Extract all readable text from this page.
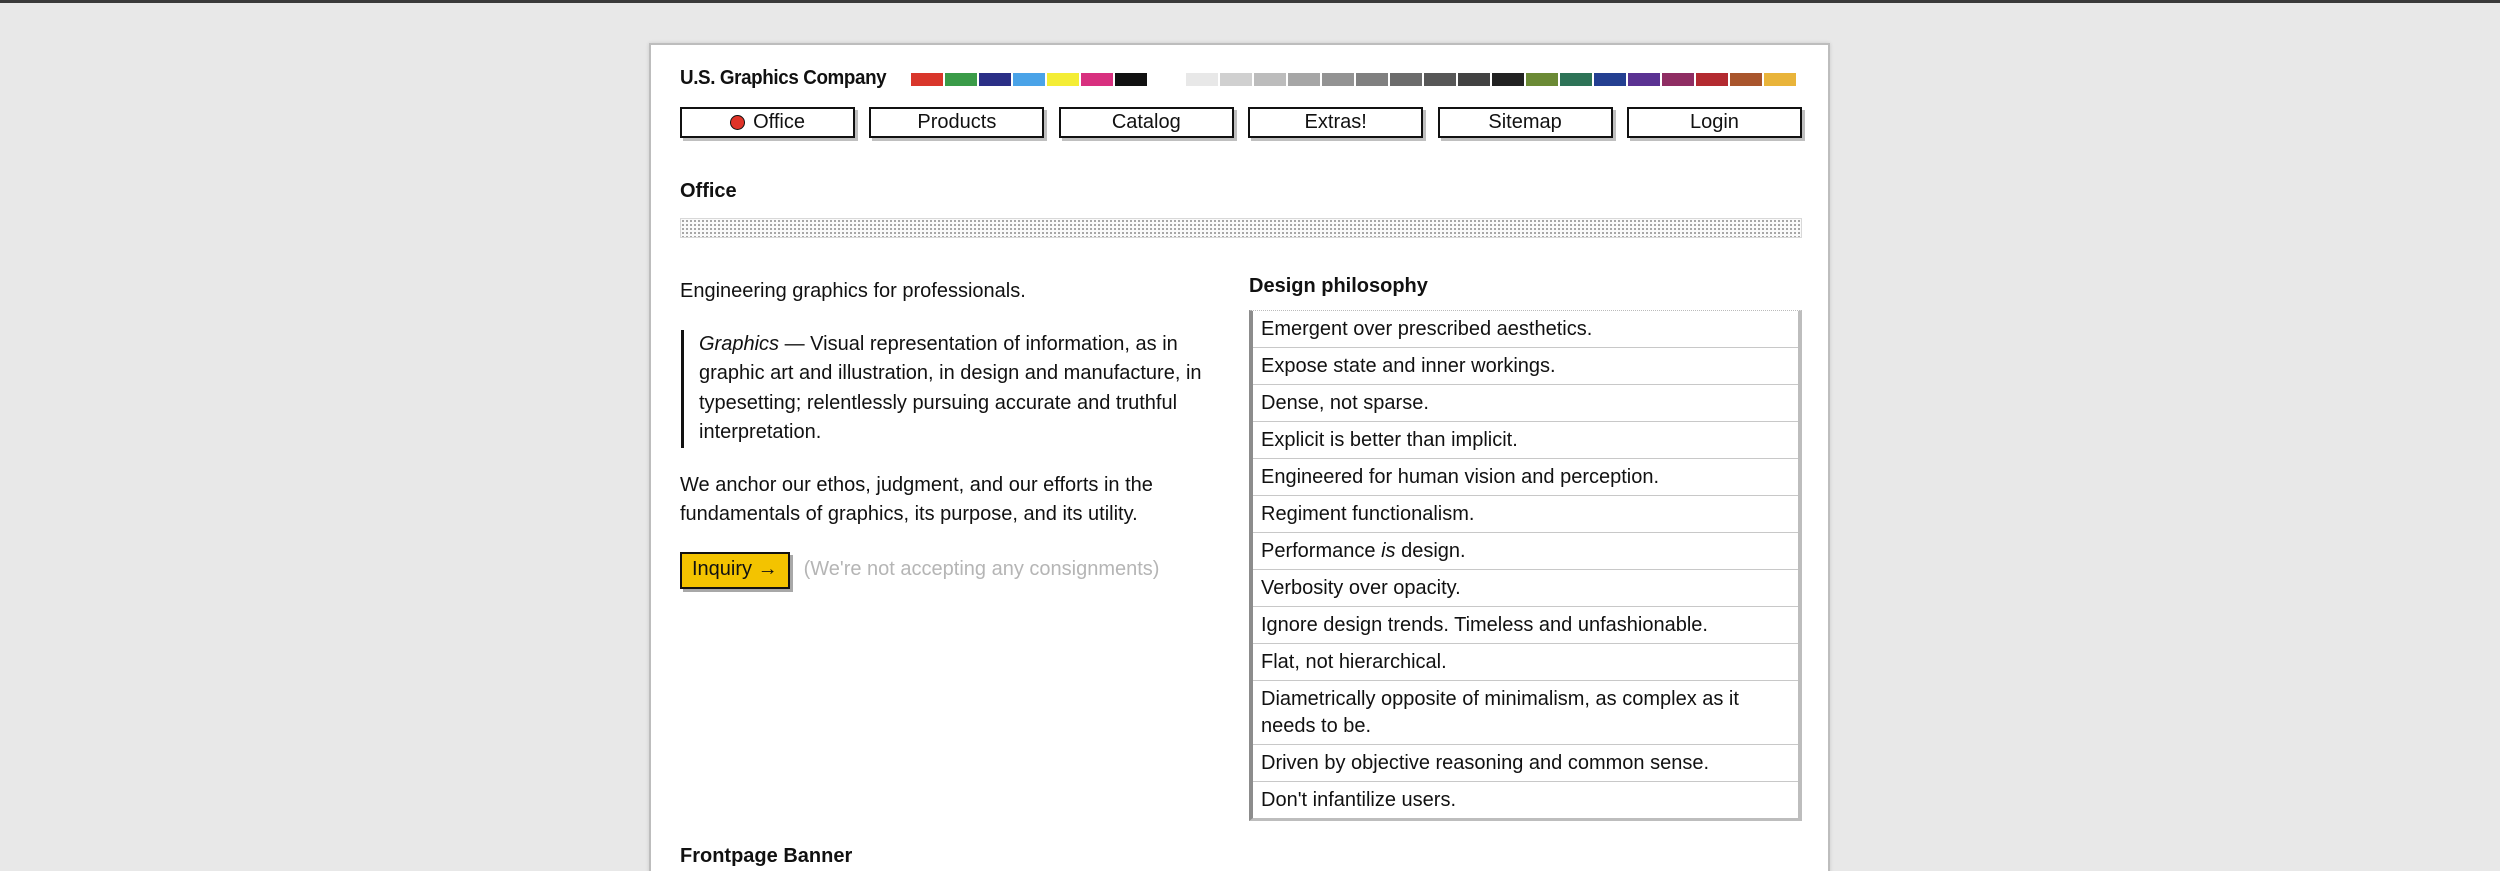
U.S. Graphics Company
Office	Products	Catalog	Extras!	Sitemap	Login
Office

Engineering graphics for professionals.

Graphics — Visual representation of information, as in graphic art and illustration, in design and manufacture, in typesetting; relentlessly pursuing accurate and truthful interpretation.

We anchor our ethos, judgment, and our efforts in the fundamentals of graphics, its purpose, and its utility.

Inquiry →	(We're not accepting any consignments)
Design philosophy
Emergent over prescribed aesthetics.
Expose state and inner workings.
Dense, not sparse.
Explicit is better than implicit.
Engineered for human vision and perception.
Regiment functionalism.
Performance is design.
Verbosity over opacity.
Ignore design trends. Timeless and unfashionable.
Flat, not hierarchical.
Diametrically opposite of minimalism, as complex as it needs to be.
Driven by objective reasoning and common sense.
Don't infantilize users.
Frontpage Banner
